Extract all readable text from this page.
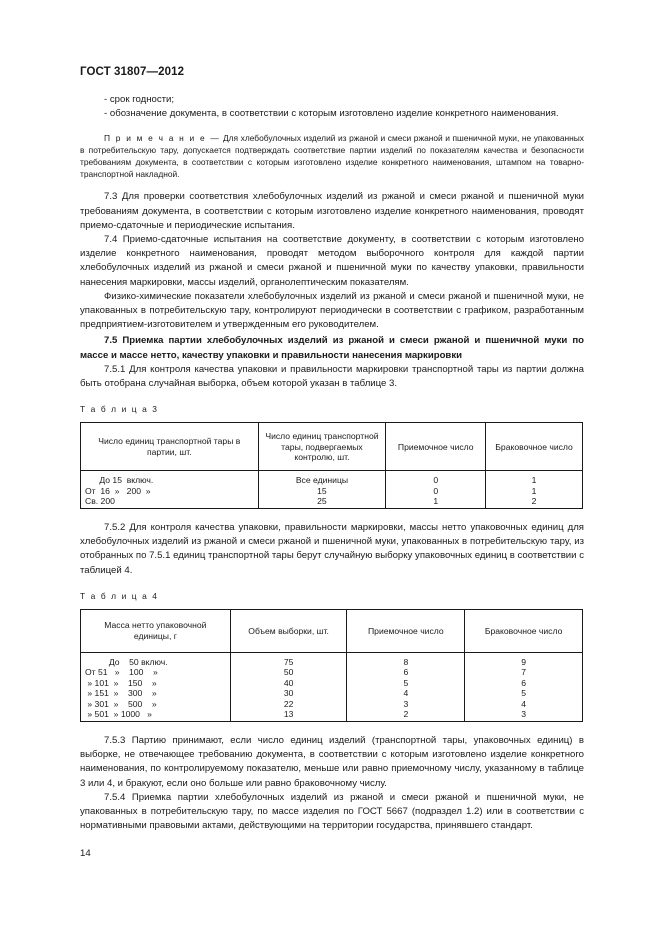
ГОСТ 31807—2012

- срок годности;

- обозначение документа, в соответствии с которым изготовлено изделие конкретного наименования.

П р и м е ч а н и е — Для хлебобулочных изделий из ржаной и смеси ржаной и пшеничной муки, не упакованных в потребительскую тару, допускается подтверждать соответствие партии изделий по показателям качества и безопасности требованиям документа, в соответствии с которым изготовлено изделие конкретного наименования, штампом на товарно-транспортной накладной.

7.3 Для проверки соответствия хлебобулочных изделий из ржаной и смеси ржаной и пшеничной муки требованиям документа, в соответствии с которым изготовлено изделие конкретного наименования, проводят приемо-сдаточные и периодические испытания.

7.4 Приемо-сдаточные испытания на соответствие документу, в соответствии с которым изготовлено изделие конкретного наименования, проводят методом выборочного контроля для каждой партии хлебобулочных изделий из ржаной и смеси ржаной и пшеничной муки по качеству упаковки, правильности нанесения маркировки, массы изделий, органолептическим показателям.

Физико-химические показатели хлебобулочных изделий из ржаной и смеси ржаной и пшеничной муки, не упакованных в потребительскую тару, контролируют периодически в соответствии с графиком, разработанным предприятием-изготовителем и утвержденным его руководителем.

7.5 Приемка партии хлебобулочных изделий из ржаной и смеси ржаной и пшеничной муки по массе и массе нетто, качеству упаковки и правильности нанесения маркировки

7.5.1 Для контроля качества упаковки и правильности маркировки транспортной тары из партии должна быть отобрана случайная выборка, объем которой указан в таблице 3.

Т а б л и ц а 3
Число единиц транспортной тары в партии, шт.	Число единиц транспортной тары, подвергаемых контролю, шт.	Приемочное число	Браковочное число
До 15  включ.	Все единицы	0	1
От  16  »   200  »	15	0	1
Св. 200	25	1	2

7.5.2 Для контроля качества упаковки, правильности маркировки, массы нетто упаковочных единиц для хлебобулочных изделий из ржаной и смеси ржаной и пшеничной муки, упакованных в потребительскую тару, из отобранных по 7.5.1 единиц транспортной тары берут случайную выборку упаковочных единиц в соответствии с таблицей 4.

Т а б л и ц а 4
Масса нетто упаковочной единицы, г	Объем выборки, шт.	Приемочное число	Браковочное число
До    50 включ.	75	8	9
От 51   »    100    »	50	6	7
» 101  »    150    »	40	5	6
» 151  »    300    »	30	4	5
» 301  »    500    »	22	3	4
» 501  » 1000   »	13	2	3

7.5.3 Партию принимают, если число единиц изделий (транспортной тары, упаковочных единиц) в выборке, не отвечающее требованию документа, в соответствии с которым изготовлено изделие конкретного наименования, по контролируемому показателю, меньше или равно приемочному числу, указанному в таблице 3 или 4, и бракуют, если оно больше или равно браковочному числу.

7.5.4 Приемка партии хлебобулочных изделий из ржаной и смеси ржаной и пшеничной муки, не упакованных в потребительскую тару, по массе изделия по ГОСТ 5667 (подраздел 1.2) или в соответствии с нормативными правовыми актами, действующими на территории государства, принявшего стандарт.

14
